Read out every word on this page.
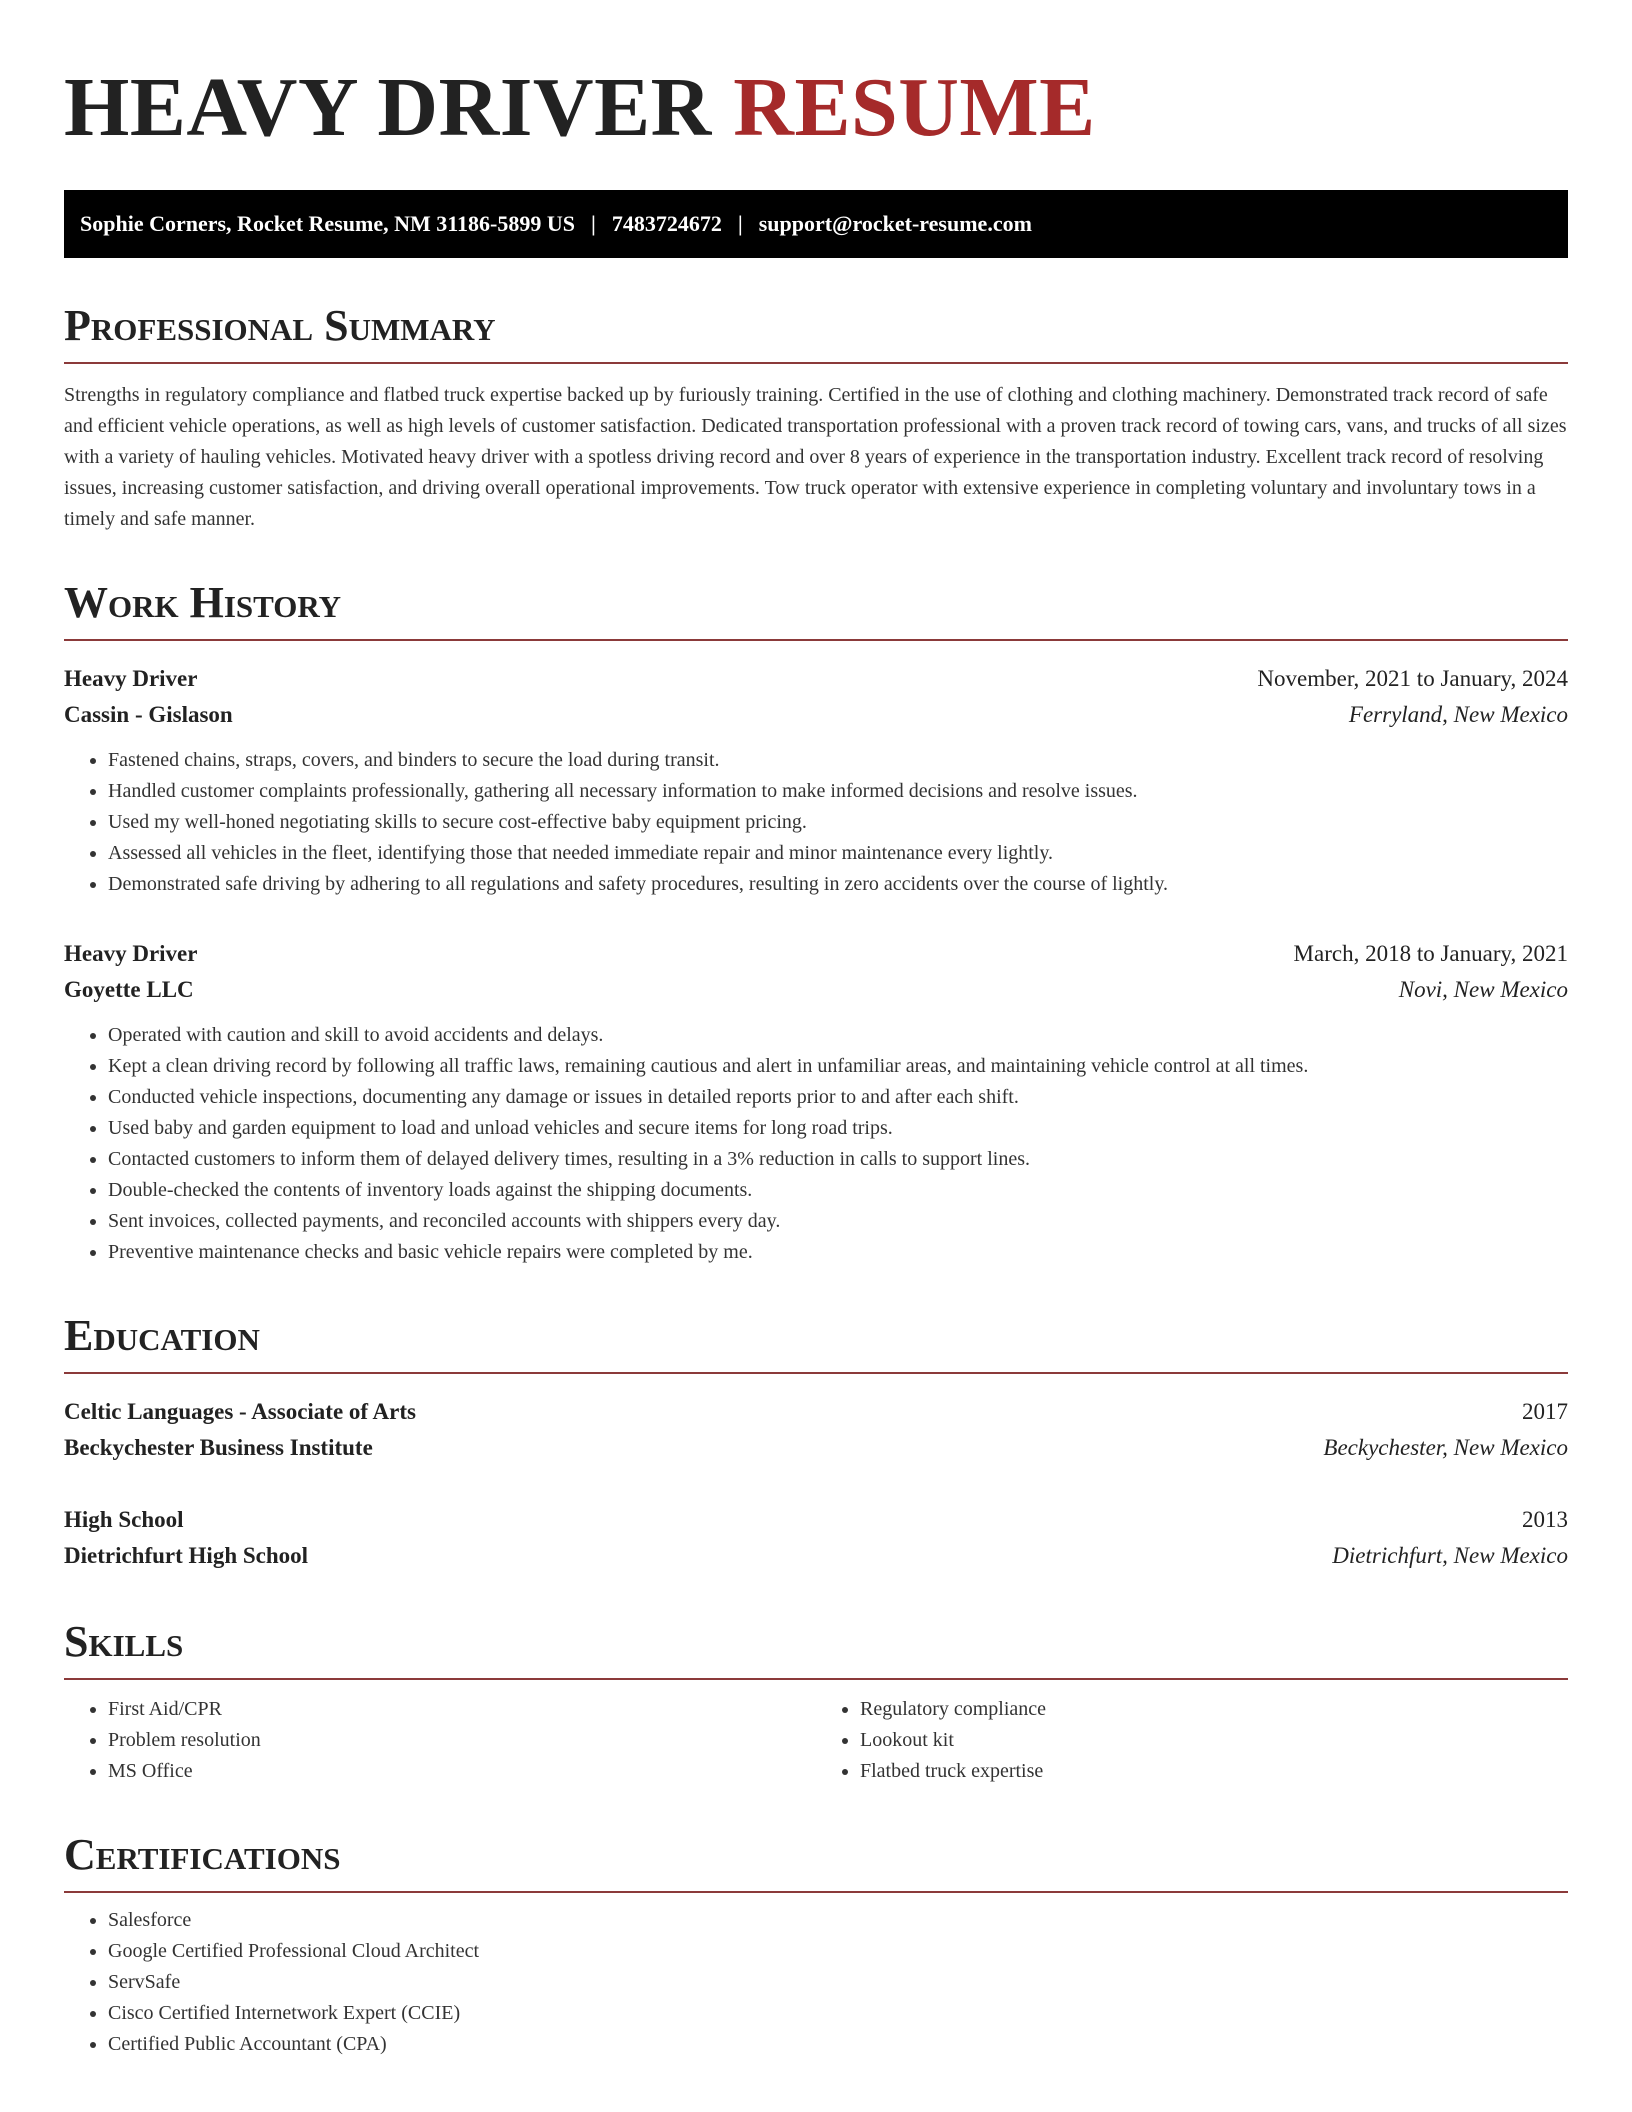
HEAVY DRIVER RESUME
Sophie Corners, Rocket Resume, NM 31186-5899 US | 7483724672 | support@rocket-resume.com
Professional Summary

Strengths in regulatory compliance and flatbed truck expertise backed up by furiously training. Certified in the use of clothing and clothing machinery. Demonstrated track record of safe and efficient vehicle operations, as well as high levels of customer satisfaction. Dedicated transportation professional with a proven track record of towing cars, vans, and trucks of all sizes with a variety of hauling vehicles. Motivated heavy driver with a spotless driving record and over 8 years of experience in the transportation industry. Excellent track record of resolving issues, increasing customer satisfaction, and driving overall operational improvements. Tow truck operator with extensive experience in completing voluntary and involuntary tows in a timely and safe manner.

Work History
Heavy Driver	November, 2021 to January, 2024
Cassin - Gislason	Ferryland, New Mexico
• Fastened chains, straps, covers, and binders to secure the load during transit.
• Handled customer complaints professionally, gathering all necessary information to make informed decisions and resolve issues.
• Used my well-honed negotiating skills to secure cost-effective baby equipment pricing.
• Assessed all vehicles in the fleet, identifying those that needed immediate repair and minor maintenance every lightly.
• Demonstrated safe driving by adhering to all regulations and safety procedures, resulting in zero accidents over the course of lightly.
Heavy Driver	March, 2018 to January, 2021
Goyette LLC	Novi, New Mexico
• Operated with caution and skill to avoid accidents and delays.
• Kept a clean driving record by following all traffic laws, remaining cautious and alert in unfamiliar areas, and maintaining vehicle control at all times.
• Conducted vehicle inspections, documenting any damage or issues in detailed reports prior to and after each shift.
• Used baby and garden equipment to load and unload vehicles and secure items for long road trips.
• Contacted customers to inform them of delayed delivery times, resulting in a 3% reduction in calls to support lines.
• Double-checked the contents of inventory loads against the shipping documents.
• Sent invoices, collected payments, and reconciled accounts with shippers every day.
• Preventive maintenance checks and basic vehicle repairs were completed by me.
Education
Celtic Languages - Associate of Arts	2017
Beckychester Business Institute	Beckychester, New Mexico
High School	2013
Dietrichfurt High School	Dietrichfurt, New Mexico
Skills
• First Aid/CPR
• Problem resolution
• MS Office
• Regulatory compliance
• Lookout kit
• Flatbed truck expertise
Certifications
• Salesforce
• Google Certified Professional Cloud Architect
• ServSafe
• Cisco Certified Internetwork Expert (CCIE)
• Certified Public Accountant (CPA)
